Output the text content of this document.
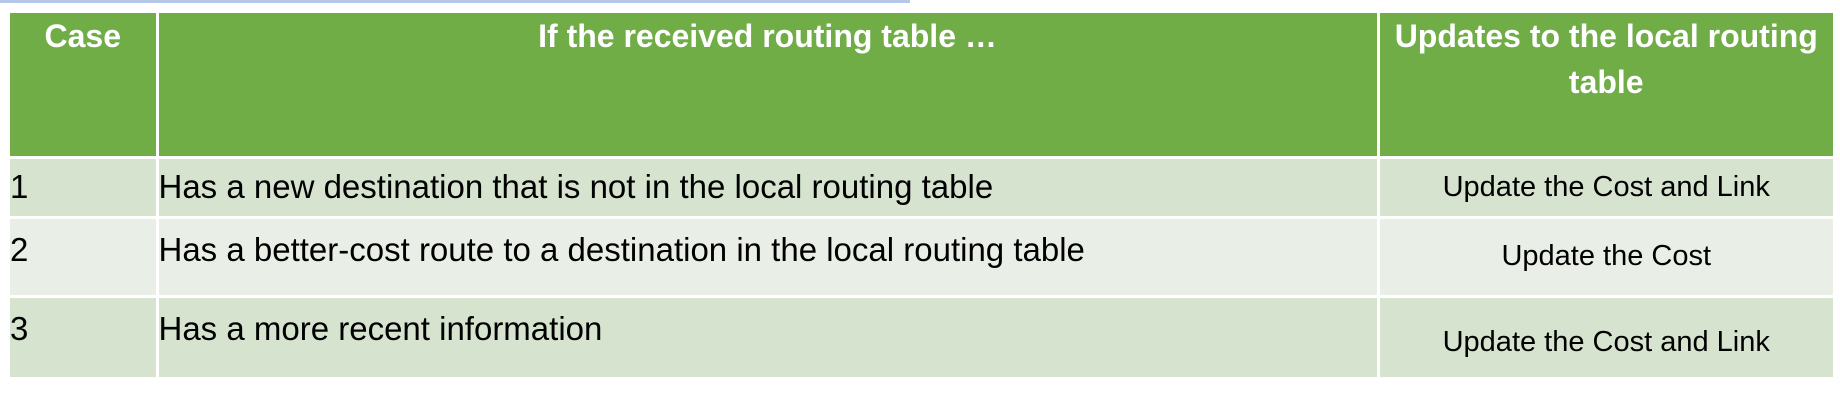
Case	If the received routing table …	Updates to the local routing table
1	Has a new destination that is not in the local routing table	Update the Cost and Link
2	Has a better-cost route to a destination in the local routing table	Update the Cost
3	Has a more recent information	Update the Cost and Link
